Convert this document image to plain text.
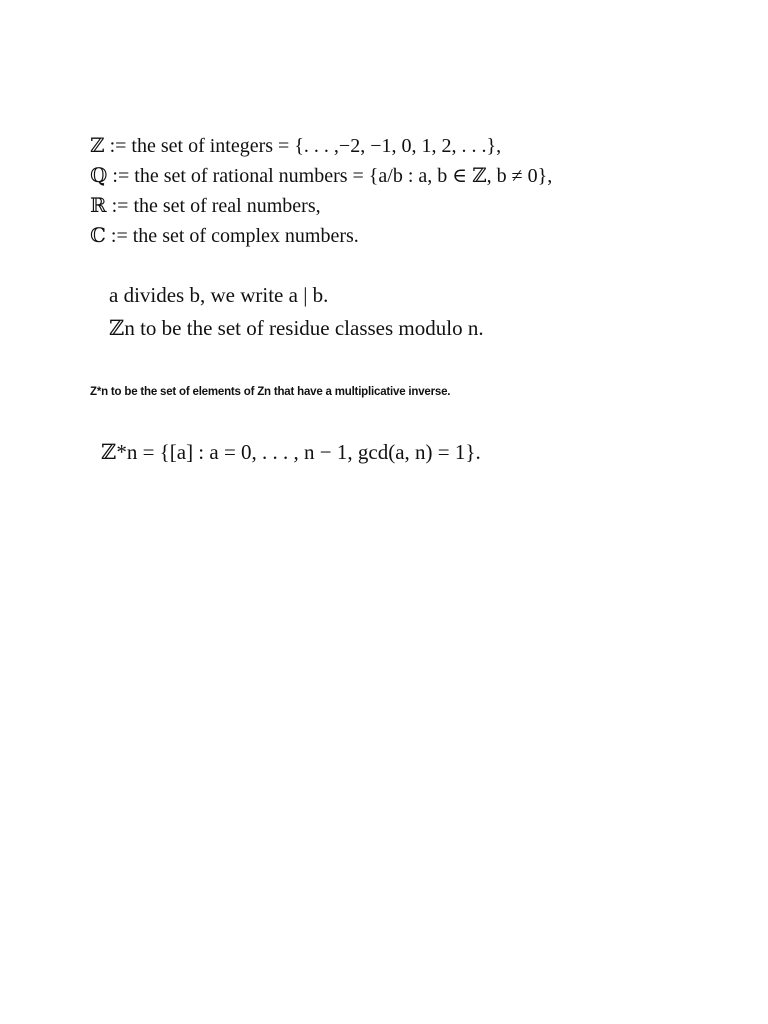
ℤ := the set of integers = {. . . ,−2, −1, 0, 1, 2, . . .},
ℚ := the set of rational numbers = {a/b : a, b ∈ ℤ, b ≠ 0},
ℝ := the set of real numbers,
ℂ := the set of complex numbers.
a divides b, we write a | b.
ℤn to be the set of residue classes modulo n.
Z*n to be the set of elements of Zn that have a multiplicative inverse.
ℤ*n = {[a] : a = 0, . . . , n − 1, gcd(a, n) = 1}.
